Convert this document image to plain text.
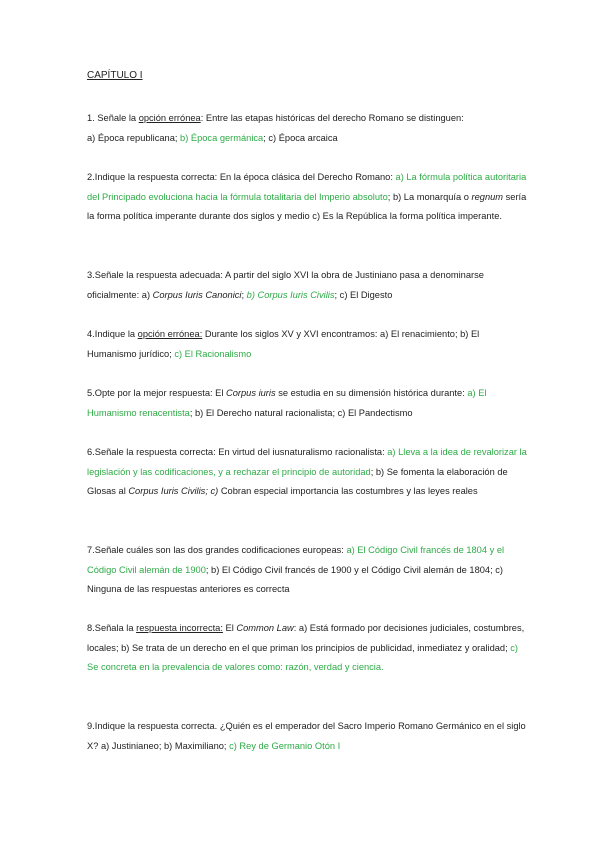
CAPÍTULO I
1. Señale la opción errónea: Entre las etapas históricas del derecho Romano se distinguen:
a) Época republicana; b) Época germánica; c) Época arcaica
2.Indique la respuesta correcta: En la época clásica del Derecho Romano: a) La fórmula política autoritaria del Principado evoluciona hacia la fórmula totalitaria del Imperio absoluto; b) La monarquía o regnum sería la forma política imperante durante dos siglos y medio c) Es la República la forma política imperante.
3.Señale la respuesta adecuada: A partir del siglo XVI la obra de Justiniano pasa a denominarse oficialmente: a) Corpus Iuris Canonici; b) Corpus Iuris Civilis; c) El Digesto
4.Indique la opción errónea: Durante los siglos XV y XVI encontramos: a) El renacimiento; b) El Humanismo jurídico; c) El Racionalismo
5.Opte por la mejor respuesta: El Corpus iuris se estudia en su dimensión histórica durante: a) El Humanismo renacentista; b) El Derecho natural racionalista; c) El Pandectismo
6.Señale la respuesta correcta: En virtud del iusnaturalismo racionalista: a) Lleva a la idea de revalorizar la legislación y las codificaciones, y a rechazar el principio de autoridad; b) Se fomenta la elaboración de Glosas al Corpus Iuris Civilis; c) Cobran especial importancia las costumbres y las leyes reales
7.Señale cuáles son las dos grandes codificaciones europeas: a) El Código Civil francés de 1804 y el Código Civil alemán de 1900; b) El Código Civil francés de 1900 y el Código Civil alemán de 1804; c) Ninguna de las respuestas anteriores es correcta
8.Señala la respuesta incorrecta: El Common Law: a) Está formado por decisiones judiciales, costumbres, locales; b) Se trata de un derecho en el que priman los principios de publicidad, inmediatez y oralidad; c) Se concreta en la prevalencia de valores como: razón, verdad y ciencia.
9.Indique la respuesta correcta. ¿Quién es el emperador del Sacro Imperio Romano Germánico en el siglo X? a) Justinianeo; b) Maximiliano; c) Rey de Germanio Otón I
